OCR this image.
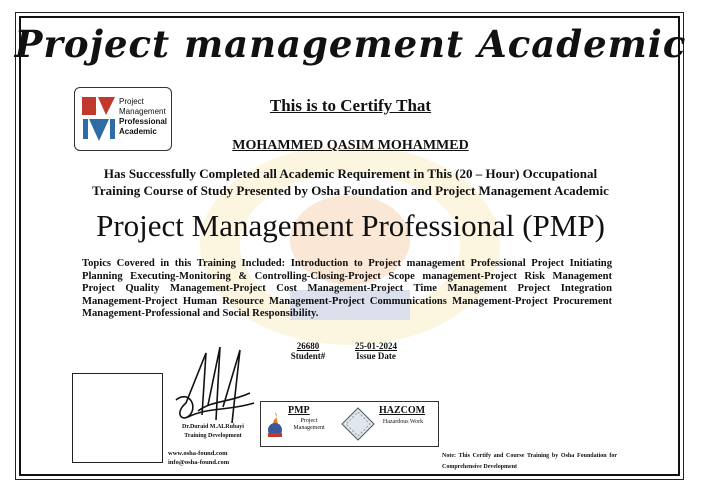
Project management Academic
Project
Management
Professional
Academic
This is to Certify That
MOHAMMED QASIM MOHAMMED
Has Successfully Completed all Academic Requirement in This (20 – Hour) Occupational
Training Course of Study Presented by Osha Foundation and Project Management Academic
Project Management Professional (PMP)
Topics Covered in this Training Included: Introduction to Project management Professional Project Initiating Planning Executing-Monitoring & Controlling-Closing-Project Scope management-Project Risk Management Project Quality Management-Project Cost Management-Project Time Management Project Integration Management-Project Human Resource Management-Project Communications Management-Project Procurement Management-Professional and Social Responsibility.
26680
Student#
25-01-2024
Issue Date
Dr.Duraid M.ALRubayi
Training Development
www.osha-found.com
info@osha-found.com
PMP
Project Management
HAZCOM
Hazardous Work
Note: This Certify and Course Training by Osha Foundation for Comprehensive Development
